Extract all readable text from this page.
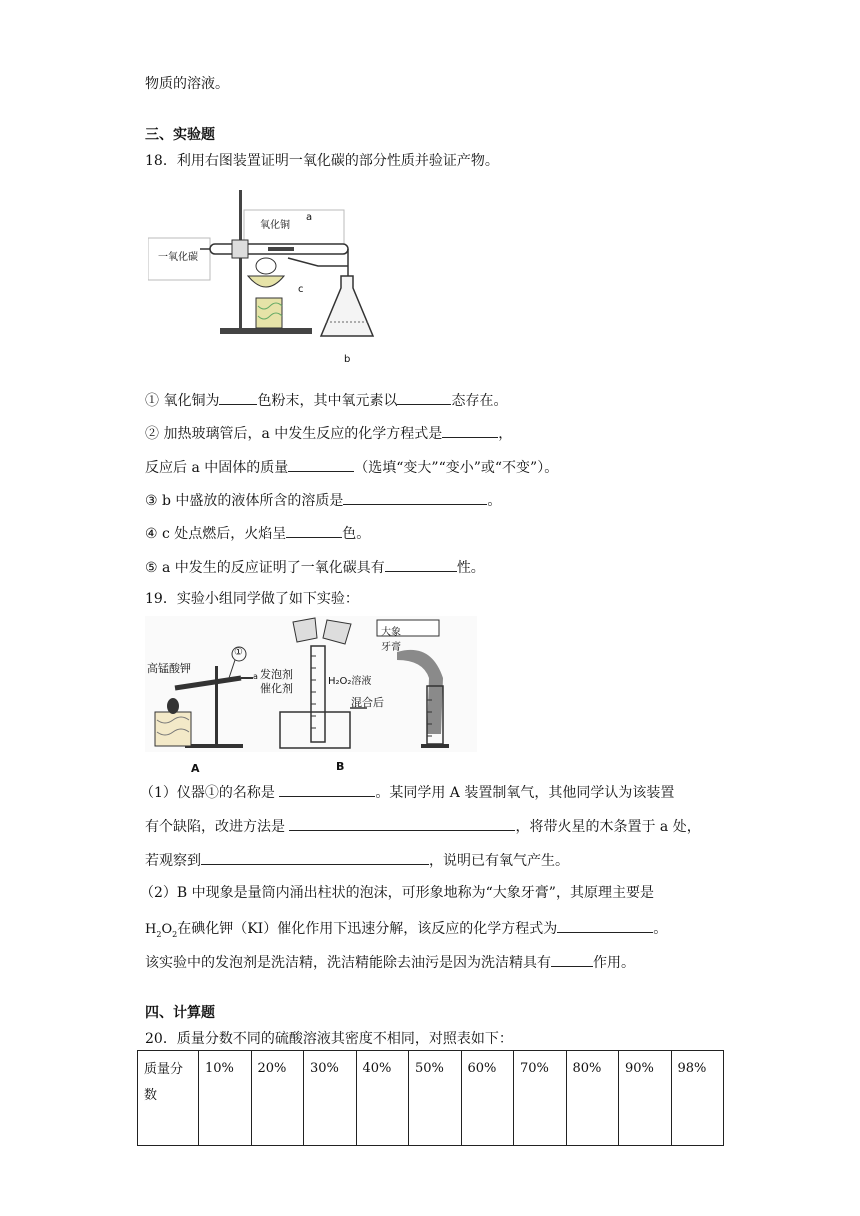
物质的溶液。
三、实验题
18．利用右图装置证明一氧化碳的部分性质并验证产物。
一氧化碳
氧化铜
a
c
b
① 氧化铜为	色粉末，其中氧元素以	态存在。
② 加热玻璃管后，a 中发生反应的化学方程式是	，
反应后 a 中固体的质量	（选填“变大”“变小”或“不变”）。
③ b 中盛放的液体所含的溶质是	。
④ c 处点燃后，火焰呈	色。
⑤ a 中发生的反应证明了一氧化碳具有	性。
19．实验小组同学做了如下实验：
高锰酸钾
①
a 发泡剂
催化剂
H₂O₂溶液
混合后
大象牙膏
A	B
（1）仪器①的名称是	。某同学用 A 装置制氧气，其他同学认为该装置
有个缺陷，改进方法是	，将带火星的木条置于 a 处，
若观察到	，说明已有氧气产生。
（2）B 中现象是量筒内涌出柱状的泡沫，可形象地称为“大象牙膏”，其原理主要是
$H_2O_2$在碘化钾（KI）催化作用下迅速分解，该反应的化学方程式为	。
该实验中的发泡剂是洗洁精，洗洁精能除去油污是因为洗洁精具有	作用。
四、计算题
20．质量分数不同的硫酸溶液其密度不相同，对照表如下：
质量分数	10%	20%	30%	40%	50%	60%	70%	80%	90%	98%
